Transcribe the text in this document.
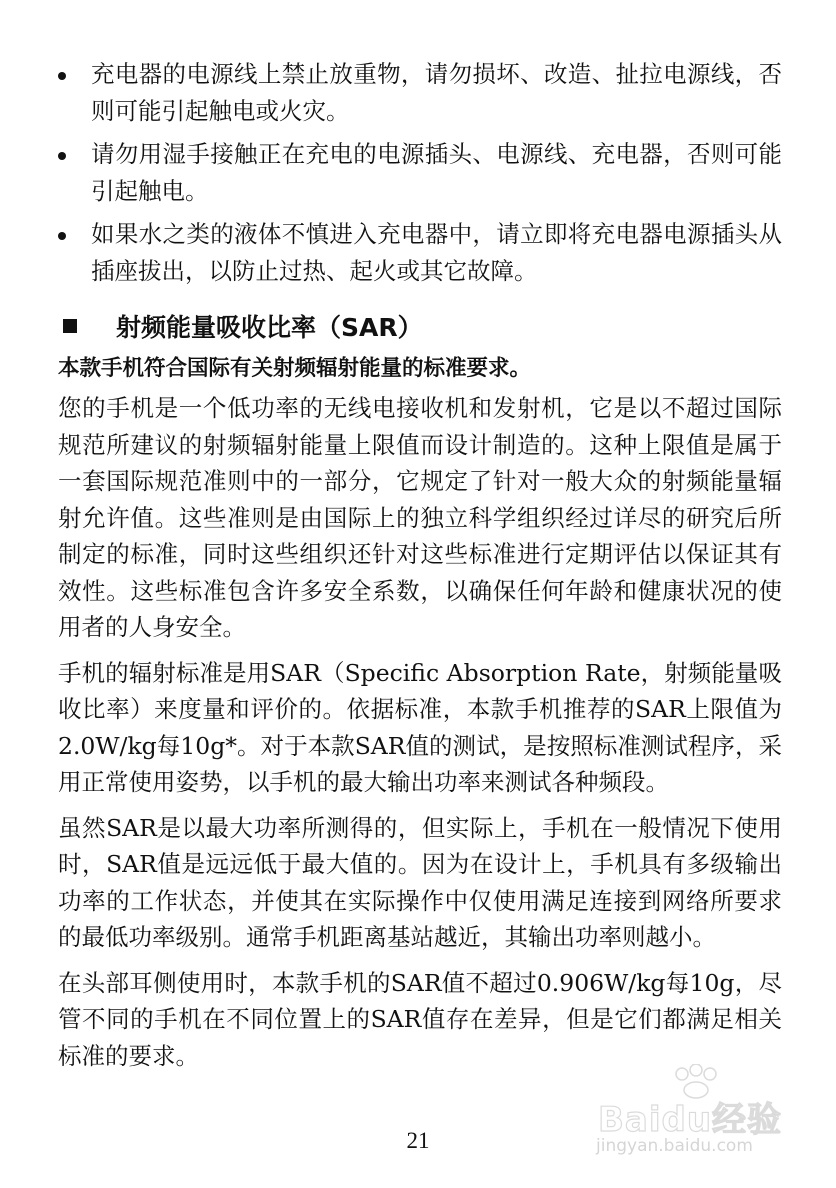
充电器的电源线上禁止放重物，请勿损坏、改造、扯拉电源线，否则可能引起触电或火灾。
请勿用湿手接触正在充电的电源插头、电源线、充电器，否则可能引起触电。
如果水之类的液体不慎进入充电器中，请立即将充电器电源插头从插座拔出，以防止过热、起火或其它故障。
射频能量吸收比率（SAR）
本款手机符合国际有关射频辐射能量的标准要求。

您的手机是一个低功率的无线电接收机和发射机，它是以不超过国际规范所建议的射频辐射能量上限值而设计制造的。这种上限值是属于一套国际规范准则中的一部分，它规定了针对一般大众的射频能量辐射允许值。这些准则是由国际上的独立科学组织经过详尽的研究后所制定的标准，同时这些组织还针对这些标准进行定期评估以保证其有效性。这些标准包含许多安全系数，以确保任何年龄和健康状况的使用者的人身安全。

手机的辐射标准是用SAR（Specific Absorption Rate，射频能量吸收比率）来度量和评价的。依据标准，本款手机推荐的SAR上限值为2.0W/kg每10g*。对于本款SAR值的测试，是按照标准测试程序，采用正常使用姿势，以手机的最大输出功率来测试各种频段。

虽然SAR是以最大功率所测得的，但实际上，手机在一般情况下使用时，SAR值是远远低于最大值的。因为在设计上，手机具有多级输出功率的工作状态，并使其在实际操作中仅使用满足连接到网络所要求的最低功率级别。通常手机距离基站越近，其输出功率则越小。

在头部耳侧使用时，本款手机的SAR值不超过0.906W/kg每10g，尽管不同的手机在不同位置上的SAR值存在差异，但是它们都满足相关标准的要求。

Baidu经验
jingyan.baidu.com
21
